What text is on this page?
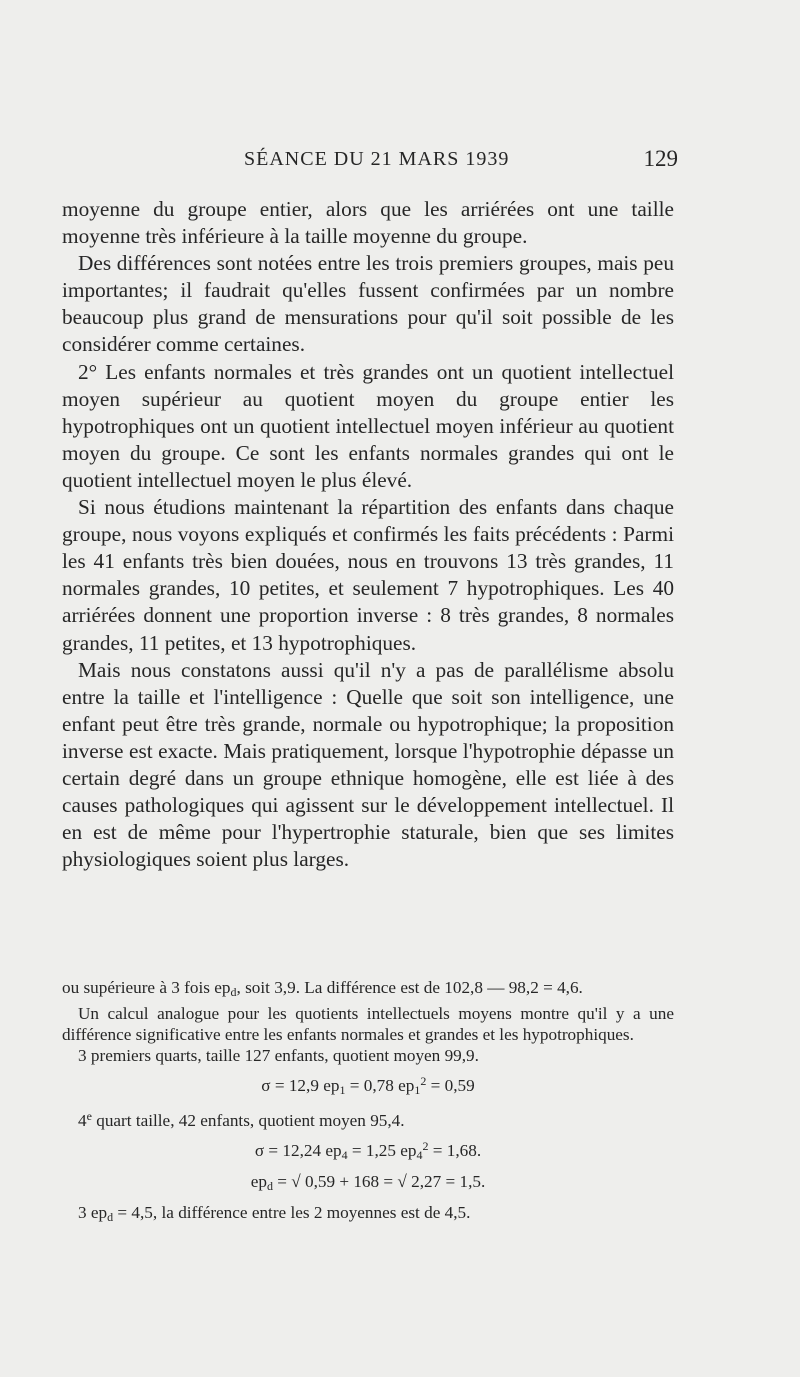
SÉANCE DU 21 MARS 1939	129

moyenne du groupe entier, alors que les arriérées ont une taille moyenne très inférieure à la taille moyenne du groupe.

Des différences sont notées entre les trois premiers groupes, mais peu importantes; il faudrait qu'elles fussent confirmées par un nombre beaucoup plus grand de mensurations pour qu'il soit possible de les considérer comme certaines.

2° Les enfants normales et très grandes ont un quotient intellectuel moyen supérieur au quotient moyen du groupe entier les hypotrophiques ont un quotient intellectuel moyen inférieur au quotient moyen du groupe. Ce sont les enfants normales grandes qui ont le quotient intellectuel moyen le plus élevé.

Si nous étudions maintenant la répartition des enfants dans chaque groupe, nous voyons expliqués et confirmés les faits précédents : Parmi les 41 enfants très bien douées, nous en trouvons 13 très grandes, 11 normales grandes, 10 petites, et seulement 7 hypotrophiques. Les 40 arriérées donnent une proportion inverse : 8 très grandes, 8 normales grandes, 11 petites, et 13 hypotrophiques.

Mais nous constatons aussi qu'il n'y a pas de parallélisme absolu entre la taille et l'intelligence : Quelle que soit son intelligence, une enfant peut être très grande, normale ou hypotrophique; la proposition inverse est exacte. Mais pratiquement, lorsque l'hypotrophie dépasse un certain degré dans un groupe ethnique homogène, elle est liée à des causes pathologiques qui agissent sur le développement intellectuel. Il en est de même pour l'hypertrophie staturale, bien que ses limites physiologiques soient plus larges.

ou supérieure à 3 fois $ep_d$, soit 3,9. La différence est de 102,8 — 98,2 = 4,6.

Un calcul analogue pour les quotients intellectuels moyens montre qu'il y a une différence significative entre les enfants normales et grandes et les hypotrophiques.

3 premiers quarts, taille 127 enfants, quotient moyen 99,9.

σ = 12,9 $ep_1 = 0,78$ $ep_1^2 = 0,59$

4e quart taille, 42 enfants, quotient moyen 95,4.

σ = 12,24 $ep_4 = 1,25$ $ep_4^2 = 1,68$.

$ep_d$ = √ 0,59 + 168 = √ 2,27 = 1,5.

3 $ep_d = 4,5$, la différence entre les 2 moyennes est de 4,5.
